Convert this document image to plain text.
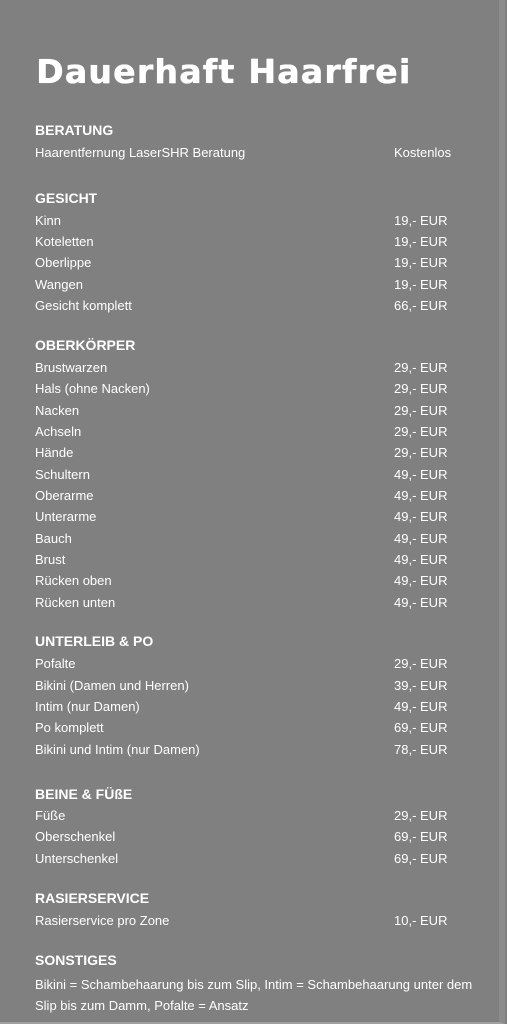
Dauerhaft Haarfrei
BERATUNG
Haarentfernung LaserSHR Beratung	Kostenlos
GESICHT
Kinn	19,- EUR
Koteletten	19,- EUR
Oberlippe	19,- EUR
Wangen	19,- EUR
Gesicht komplett	66,- EUR
OBERKÖRPER
Brustwarzen	29,- EUR
Hals (ohne Nacken)	29,- EUR
Nacken	29,- EUR
Achseln	29,- EUR
Hände	29,- EUR
Schultern	49,- EUR
Oberarme	49,- EUR
Unterarme	49,- EUR
Bauch	49,- EUR
Brust	49,- EUR
Rücken oben	49,- EUR
Rücken unten	49,- EUR
UNTERLEIB & PO
Pofalte	29,- EUR
Bikini (Damen und Herren)	39,- EUR
Intim (nur Damen)	49,- EUR
Po komplett	69,- EUR
Bikini und Intim (nur Damen)	78,- EUR
BEINE & FÜßE
Füße	29,- EUR
Oberschenkel	69,- EUR
Unterschenkel	69,- EUR
RASIERSERVICE
Rasierservice pro Zone	10,- EUR
SONSTIGES
Bikini = Schambehaarung bis zum Slip, Intim = Schambehaarung unter dem Slip bis zum Damm, Pofalte = Ansatz
